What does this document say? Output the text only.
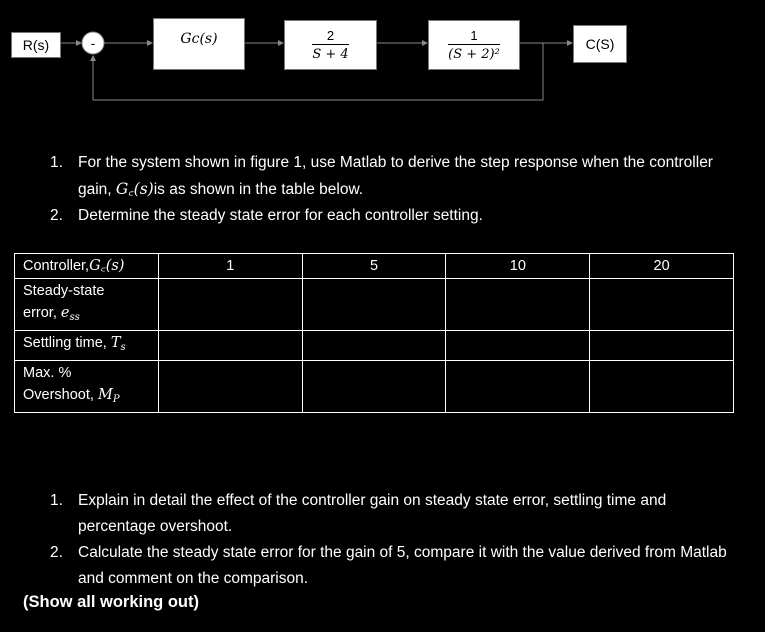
R(s)	-	Gc(s)	$\frac{2}{S + 4}$	$\frac{1}{\text{(S + 2)²}}$	C(S)
1. For the system shown in figure 1, use Matlab to derive the step response when the controller gain, G꜀(s)is as shown in the table below.
2. Determine the steady state error for each controller setting.
Controller,G꜀(s)	1	5	10	20
Steady-state
error, $e_{ss}$				
Settling time, $T_s$				
Max. %
Overshoot, $M_P$				
1. Explain in detail the effect of the controller gain on steady state error, settling time and percentage overshoot.
2. Calculate the steady state error for the gain of 5, compare it with the value derived from Matlab and comment on the comparison.
(Show all working out)
